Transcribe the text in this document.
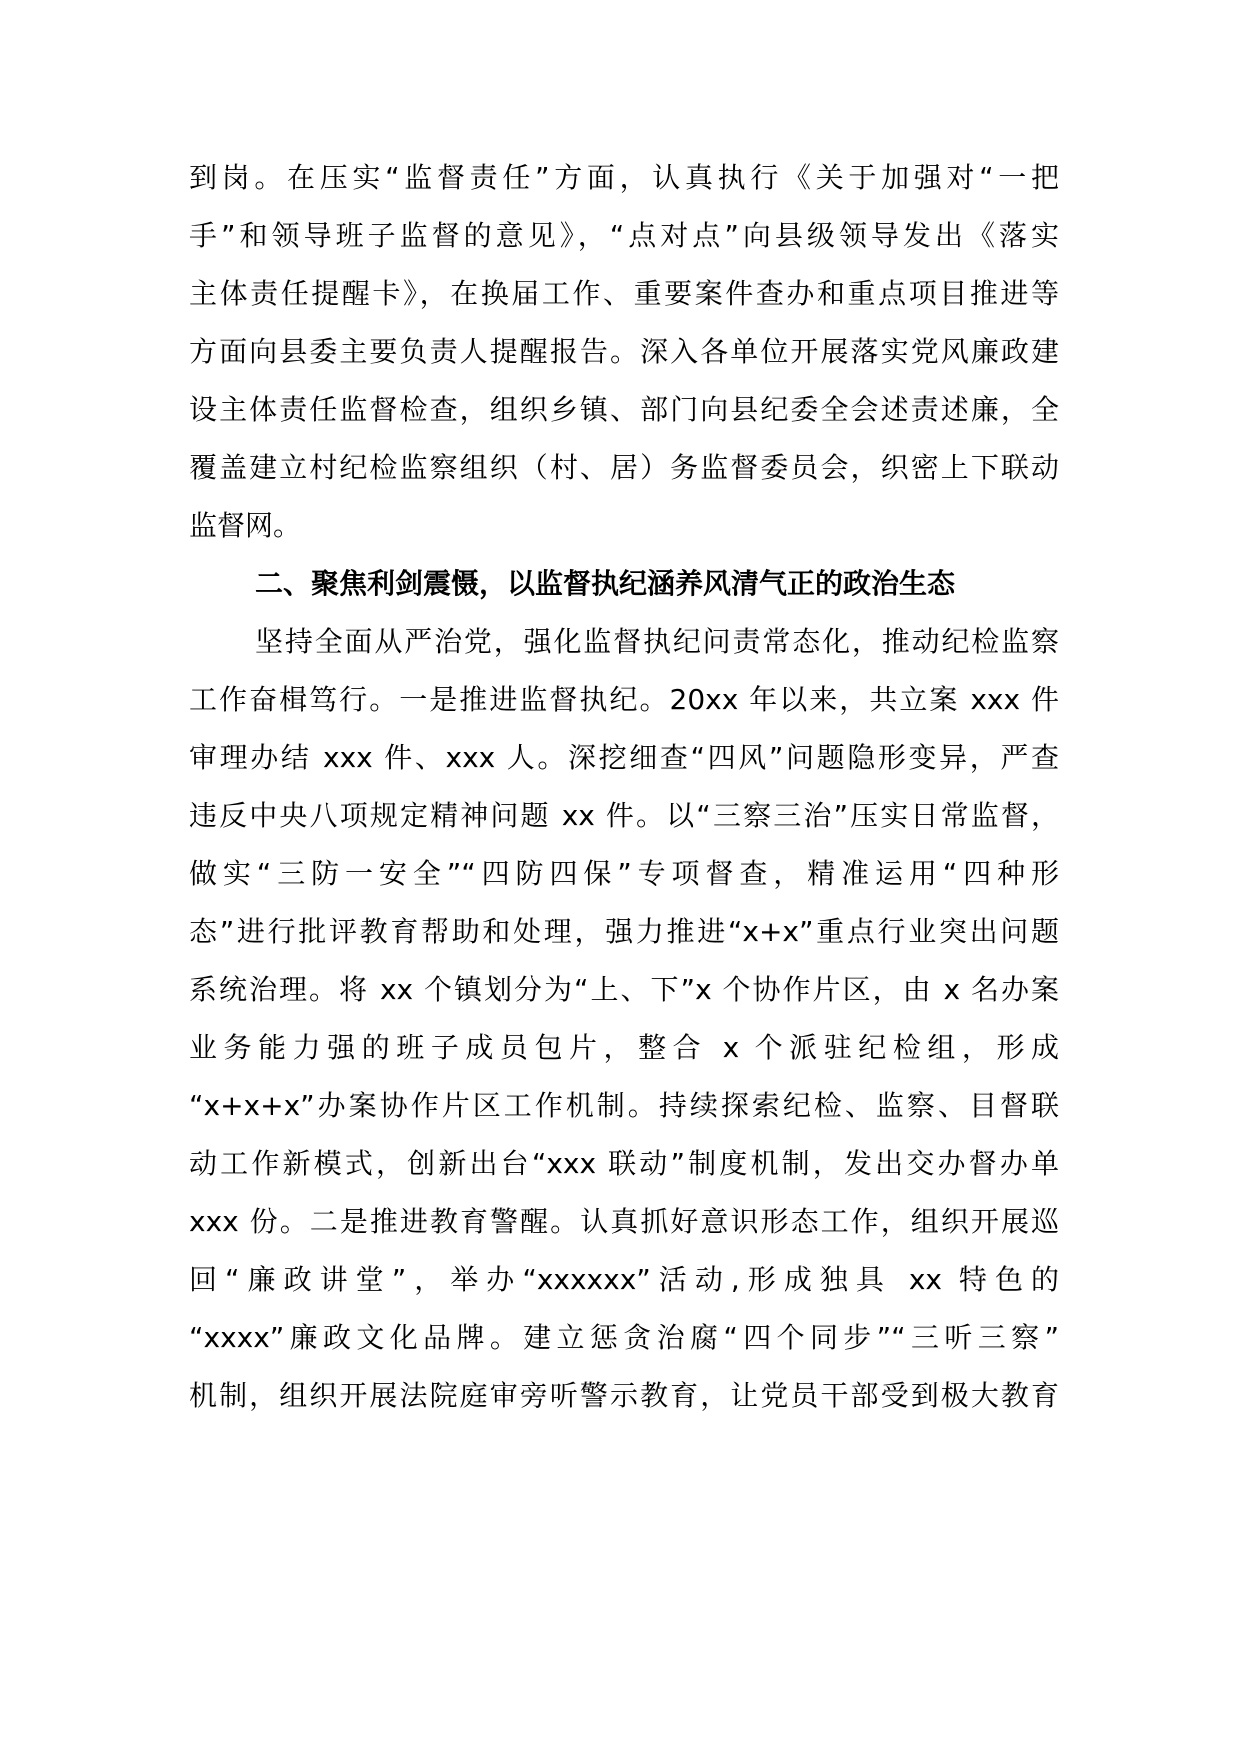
到岗。在压实“监督责任”方面，认真执行《关于加强对“一把
手”和领导班子监督的意见》，“点对点”向县级领导发出《落实
主体责任提醒卡》，在换届工作、重要案件查办和重点项目推进等
方面向县委主要负责人提醒报告。深入各单位开展落实党风廉政建
设主体责任监督检查，组织乡镇、部门向县纪委全会述责述廉，全
覆盖建立村纪检监察组织（村、居）务监督委员会，织密上下联动
监督网。
二、聚焦利剑震慑，以监督执纪涵养风清气正的政治生态
坚持全面从严治党，强化监督执纪问责常态化，推动纪检监察
工作奋楫笃行。一是推进监督执纪。20xx 年以来，共立案 xxx 件
审理办结 xxx 件、xxx 人。深挖细查“四风”问题隐形变异，严查
违反中央八项规定精神问题 xx 件。以“三察三治”压实日常监督，
做实“三防一安全”“四防四保”专项督查，精准运用“四种形
态”进行批评教育帮助和处理，强力推进“x+x”重点行业突出问题
系统治理。将 xx 个镇划分为“上、下”x 个协作片区，由 x 名办案
业务能力强的班子成员包片，整合 x 个派驻纪检组，形成
“x+x+x”办案协作片区工作机制。持续探索纪检、监察、目督联
动工作新模式，创新出台“xxx 联动”制度机制，发出交办督办单
xxx 份。二是推进教育警醒。认真抓好意识形态工作，组织开展巡
回“廉政讲堂”，举办“xxxxxx”活动,形成独具 xx 特色的
“xxxx”廉政文化品牌。建立惩贪治腐“四个同步”“三听三察”
机制，组织开展法院庭审旁听警示教育，让党员干部受到极大教育
